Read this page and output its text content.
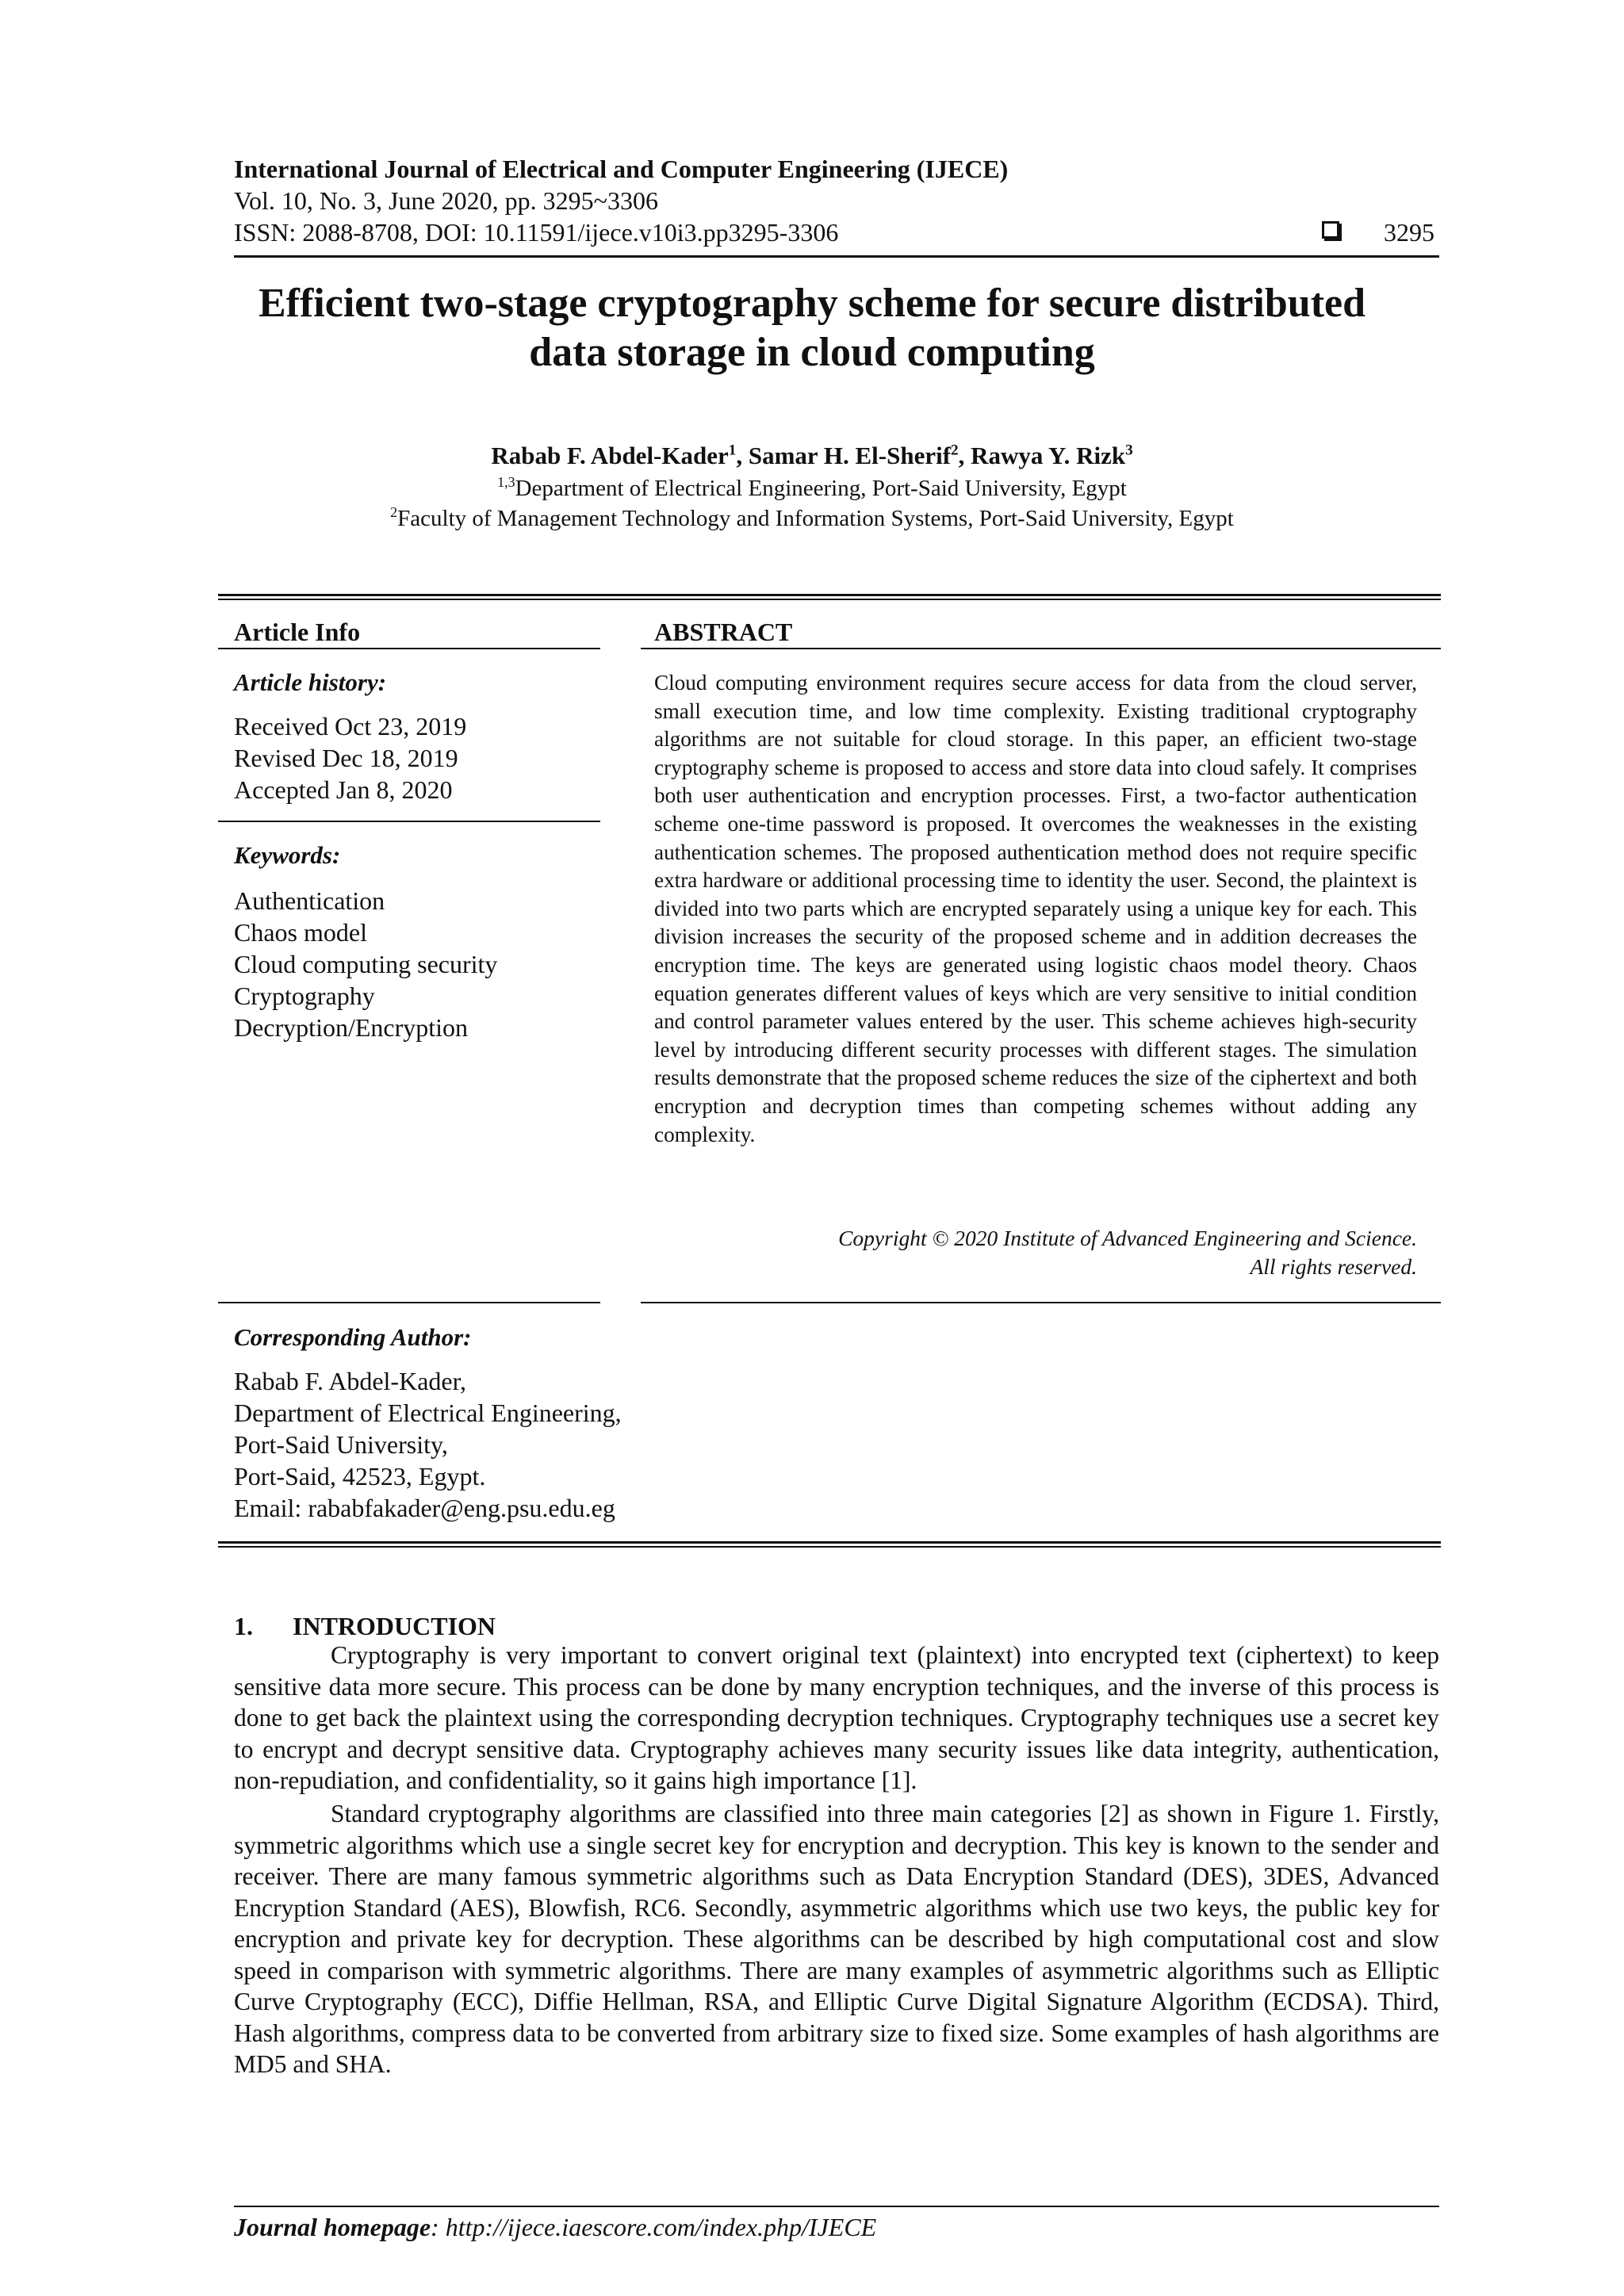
International Journal of Electrical and Computer Engineering (IJECE)
Vol. 10, No. 3, June 2020, pp. 3295~3306
ISSN: 2088-8708, DOI: 10.11591/ijece.v10i3.pp3295-3306	3295
Efficient two-stage cryptography scheme for secure distributed
data storage in cloud computing
Rabab F. Abdel-Kader$^1$, Samar H. El-Sherif$^2$, Rawya Y. Rizk$^3$
$^{1,3}$Department of Electrical Engineering, Port-Said University, Egypt
$^2$Faculty of Management Technology and Information Systems, Port-Said University, Egypt
Article Info
Article history:
Received Oct 23, 2019
Revised Dec 18, 2019
Accepted Jan 8, 2020
Keywords:
Authentication
Chaos model
Cloud computing security
Cryptography
Decryption/Encryption
ABSTRACT
Cloud computing environment requires secure access for data from the cloud server, small execution time, and low time complexity. Existing traditional cryptography algorithms are not suitable for cloud storage. In this paper, an efficient two-stage cryptography scheme is proposed to access and store data into cloud safely. It comprises both user authentication and encryption processes. First, a two-factor authentication scheme one-time password is proposed. It overcomes the weaknesses in the existing authentication schemes. The proposed authentication method does not require specific extra hardware or additional processing time to identity the user. Second, the plaintext is divided into two parts which are encrypted separately using a unique key for each. This division increases the security of the proposed scheme and in addition decreases the encryption time. The keys are generated using logistic chaos model theory. Chaos equation generates different values of keys which are very sensitive to initial condition and control parameter values entered by the user. This scheme achieves high-security level by introducing different security processes with different stages. The simulation results demonstrate that the proposed scheme reduces the size of the ciphertext and both encryption and decryption times than competing schemes without adding any complexity.
Copyright © 2020 Institute of Advanced Engineering and Science.
All rights reserved.
Corresponding Author:
Rabab F. Abdel-Kader,
Department of Electrical Engineering,
Port-Said University,
Port-Said, 42523, Egypt.
Email: rababfakader@eng.psu.edu.eg
1. INTRODUCTION
Cryptography is very important to convert original text (plaintext) into encrypted text (ciphertext) to keep sensitive data more secure. This process can be done by many encryption techniques, and the inverse of this process is done to get back the plaintext using the corresponding decryption techniques. Cryptography techniques use a secret key to encrypt and decrypt sensitive data. Cryptography achieves many security issues like data integrity, authentication, non-repudiation, and confidentiality, so it gains high importance [1].
Standard cryptography algorithms are classified into three main categories [2] as shown in Figure 1. Firstly, symmetric algorithms which use a single secret key for encryption and decryption. This key is known to the sender and receiver. There are many famous symmetric algorithms such as Data Encryption Standard (DES), 3DES, Advanced Encryption Standard (AES), Blowfish, RC6. Secondly, asymmetric algorithms which use two keys, the public key for encryption and private key for decryption. These algorithms can be described by high computational cost and slow speed in comparison with symmetric algorithms. There are many examples of asymmetric algorithms such as Elliptic Curve Cryptography (ECC), Diffie Hellman, RSA, and Elliptic Curve Digital Signature Algorithm (ECDSA). Third, Hash algorithms, compress data to be converted from arbitrary size to fixed size. Some examples of hash algorithms are MD5 and SHA.
Journal homepage: http://ijece.iaescore.com/index.php/IJECE
